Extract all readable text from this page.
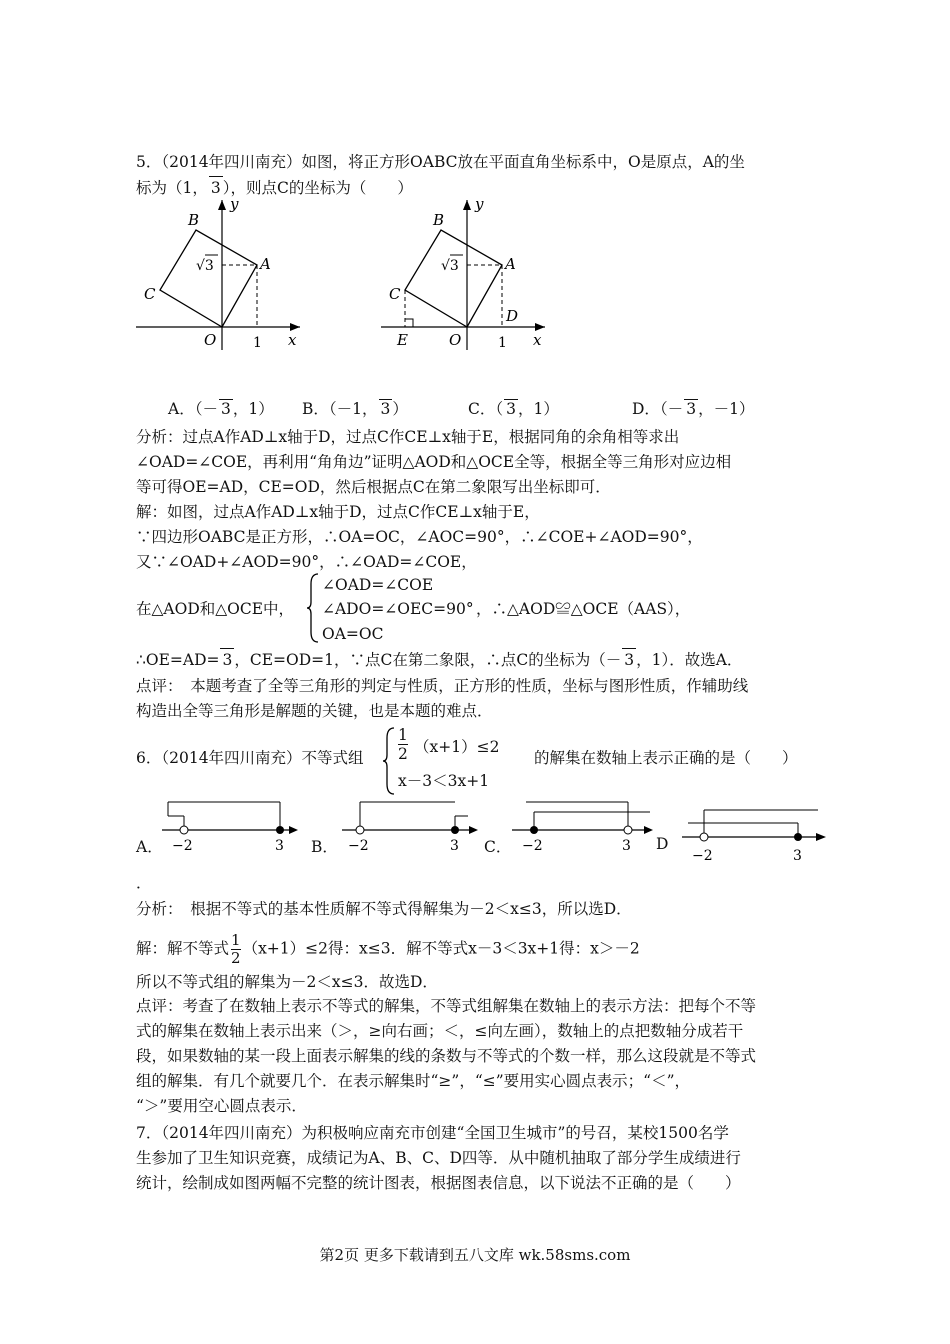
5．（2014年四川南充）如图，将正方形OABC放在平面直角坐标系中，O是原点，A的坐
标为（1， 3 ），则点C的坐标为（　　）
B
y
A
C
O	1 x
√3
B
y
A
C
D
E	O	1 x
√3
A．（－ 3 ，1） B．（－1， 3 ）	C．（ 3 ，1）	D．（－ 3 ，－1）
分析：过点A作AD⊥x轴于D，过点C作CE⊥x轴于E，根据同角的余角相等求出
∠OAD=∠COE，再利用“角角边”证明△AOD和△OCE全等，根据全等三角形对应边相
等可得OE=AD，CE=OD，然后根据点C在第二象限写出坐标即可．
解：如图，过点A作AD⊥x轴于D，过点C作CE⊥x轴于E，
∵四边形OABC是正方形，∴OA=OC，∠AOC=90°，∴∠COE+∠AOD=90°，
又∵∠OAD+∠AOD=90°，∴∠OAD=∠COE，
在△AOD和△OCE中，
∠OAD=∠COE
∠ADO=∠OEC=90°
OA=OC
，∴△AOD≌△OCE（AAS），
∴OE=AD= 3 ，CE=OD=1，∵点C在第二象限，∴点C的坐标为（－ 3 ，1）．故选A．
点评：　本题考查了全等三角形的判定与性质，正方形的性质，坐标与图形性质，作辅助线
构造出全等三角形是解题的关键，也是本题的难点．
6．（2014年四川南充）不等式组
1
2 （x+1）≤2
x－3＜3x+1
的解集在数轴上表示正确的是（　　）
A． −2	3 B． −2	3 C． −2	3 D
−2	3
．
分析：　根据不等式的基本性质解不等式得解集为－2＜x≤3，所以选D．
解：解不等式 $\frac{1}{2} (x+1)\le 2$得：x≤3．解不等式x－3＜3x+1得：x＞－2
所以不等式组的解集为－2＜x≤3．故选D．
点评：考查了在数轴上表示不等式的解集，不等式组解集在数轴上的表示方法：把每个不等
式的解集在数轴上表示出来（＞，≥向右画；＜，≤向左画），数轴上的点把数轴分成若干
段，如果数轴的某一段上面表示解集的线的条数与不等式的个数一样，那么这段就是不等式
组的解集．有几个就要几个．在表示解集时“≥”，“≤”要用实心圆点表示；“＜”，
“＞”要用空心圆点表示．
7．（2014年四川南充）为积极响应南充市创建“全国卫生城市”的号召，某校1500名学
生参加了卫生知识竞赛，成绩记为A、B、C、D四等．从中随机抽取了部分学生成绩进行
统计，绘制成如图两幅不完整的统计图表，根据图表信息，以下说法不正确的是（　　）
第2页 更多下载请到五八文库 wk.58sms.com
